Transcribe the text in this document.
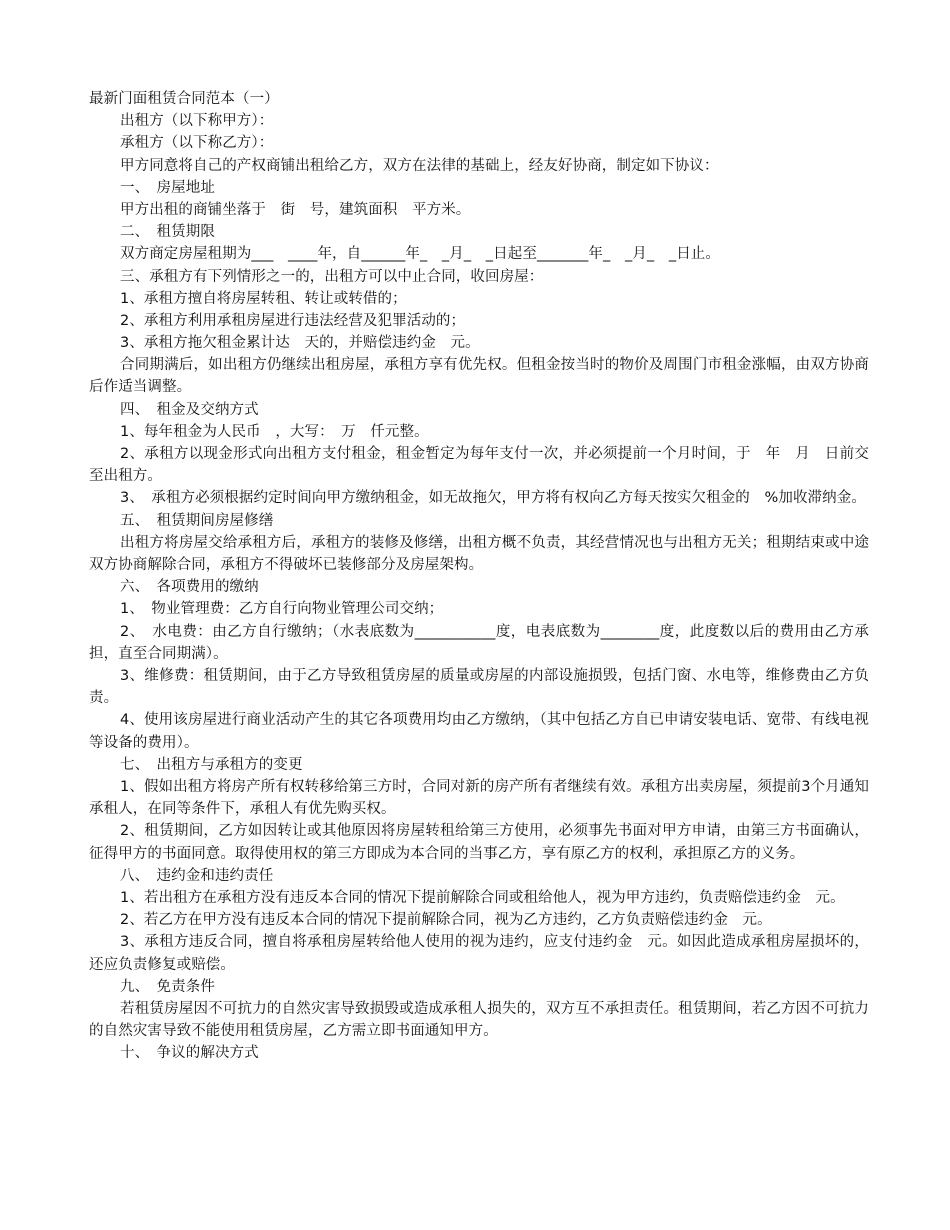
最新门面租赁合同范本（一）
出租方（以下称甲方）：
承租方（以下称乙方）：
甲方同意将自己的产权商铺出租给乙方，双方在法律的基础上，经友好协商，制定如下协议：
一、　房屋地址
甲方出租的商铺坐落于　街　号，建筑面积　平方米。
二、　租赁期限
双方商定房屋租期为___　____年，自______年_　_月_　_日起至_______年_　_月_　_日止。
三、承租方有下列情形之一的，出租方可以中止合同，收回房屋：
1、承租方擅自将房屋转租、转让或转借的；
2、承租方利用承租房屋进行违法经营及犯罪活动的；
3、承租方拖欠租金累计达　天的，并赔偿违约金　元。
合同期满后，如出租方仍继续出租房屋，承租方享有优先权。但租金按当时的物价及周围门市租金涨幅，由双方协商后作适当调整。
四、　租金及交纳方式
1、每年租金为人民币　，大写：　万　仟元整。
2、承租方以现金形式向出租方支付租金，租金暂定为每年支付一次，并必须提前一个月时间，于　年　月　日前交至出租方。
3、　承租方必须根据约定时间向甲方缴纳租金，如无故拖欠，甲方将有权向乙方每天按实欠租金的　%加收滞纳金。
五、　租赁期间房屋修缮
出租方将房屋交给承租方后，承租方的装修及修缮，出租方概不负责，其经营情况也与出租方无关；租期结束或中途双方协商解除合同，承租方不得破坏已装修部分及房屋架构。
六、　各项费用的缴纳
1、　物业管理费：乙方自行向物业管理公司交纳；
2、　水电费：由乙方自行缴纳；（水表底数为___________度，电表底数为________度，此度数以后的费用由乙方承担，直至合同期满）。
3、维修费：租赁期间，由于乙方导致租赁房屋的质量或房屋的内部设施损毁，包括门窗、水电等，维修费由乙方负责。
4、使用该房屋进行商业活动产生的其它各项费用均由乙方缴纳，（其中包括乙方自已申请安装电话、宽带、有线电视等设备的费用）。
七、　出租方与承租方的变更
1、假如出租方将房产所有权转移给第三方时，合同对新的房产所有者继续有效。承租方出卖房屋，须提前3个月通知承租人，在同等条件下，承租人有优先购买权。
2、租赁期间，乙方如因转让或其他原因将房屋转租给第三方使用，必须事先书面对甲方申请，由第三方书面确认，征得甲方的书面同意。取得使用权的第三方即成为本合同的当事乙方，享有原乙方的权利，承担原乙方的义务。
八、　违约金和违约责任
1、若出租方在承租方没有违反本合同的情况下提前解除合同或租给他人，视为甲方违约，负责赔偿违约金　元。
2、若乙方在甲方没有违反本合同的情况下提前解除合同，视为乙方违约，乙方负责赔偿违约金　元。
3、承租方违反合同，擅自将承租房屋转给他人使用的视为违约，应支付违约金　元。如因此造成承租房屋损坏的，还应负责修复或赔偿。
九、　免责条件
若租赁房屋因不可抗力的自然灾害导致损毁或造成承租人损失的，双方互不承担责任。租赁期间，若乙方因不可抗力的自然灾害导致不能使用租赁房屋，乙方需立即书面通知甲方。
十、　争议的解决方式
